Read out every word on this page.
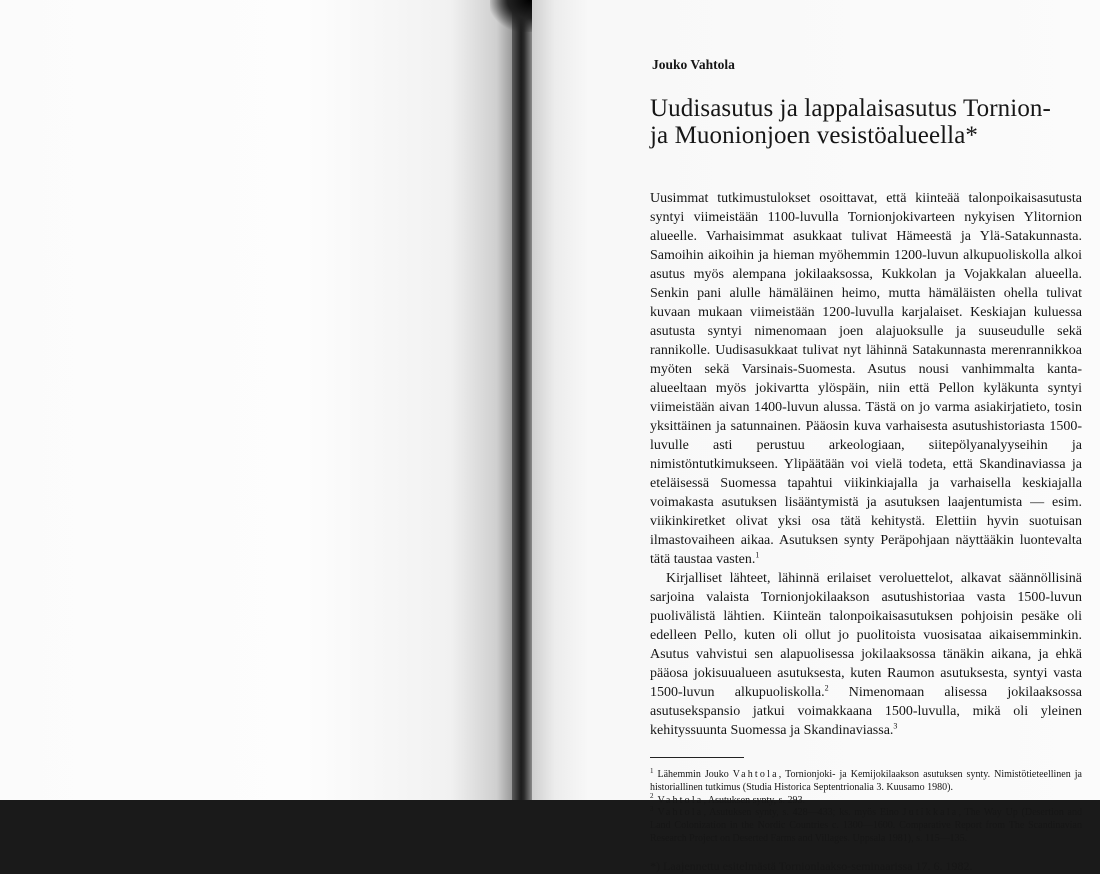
Jouko Vahtola
Uudisasutus ja lappalaisasutus Tornion-
ja Muonionjoen vesistöalueella*

Uusimmat tutkimustulokset osoittavat, että kiinteää talonpoikaisasutusta syntyi viimeistään 1100-luvulla Tornionjokivarteen nykyisen Ylitornion alueelle. Varhaisimmat asukkaat tulivat Hämeestä ja Ylä-Satakunnasta. Samoihin aikoihin ja hieman myöhemmin 1200-luvun alkupuoliskolla alkoi asutus myös alempana jokilaaksossa, Kukkolan ja Vojakkalan alueella. Senkin pani alulle hämäläinen heimo, mutta hämäläisten ohella tulivat kuvaan mukaan viimeistään 1200-luvulla karjalaiset. Keskiajan kuluessa asutusta syntyi nimenomaan joen alajuoksulle ja suuseudulle sekä rannikolle. Uudisasukkaat tulivat nyt lähinnä Satakunnasta merenrannikkoa myöten sekä Varsinais-Suomesta. Asutus nousi vanhimmalta kanta-alueeltaan myös jokivartta ylöspäin, niin että Pellon kyläkunta syntyi viimeistään aivan 1400-luvun alussa. Tästä on jo varma asiakirjatieto, tosin yksittäinen ja satunnainen. Pääosin kuva varhaisesta asutushistoriasta 1500-luvulle asti perustuu arkeologiaan, siitepölyanalyyseihin ja nimistöntutkimukseen. Ylipäätään voi vielä todeta, että Skandinaviassa ja eteläisessä Suomessa tapahtui viikinkiajalla ja varhaisella keskiajalla voimakasta asutuksen lisääntymistä ja asutuksen laajentumista — esim. viikinkiretket olivat yksi osa tätä kehitystä. Elettiin hyvin suotuisan ilmastovaiheen aikaa. Asutuksen synty Peräpohjaan näyttääkin luontevalta tätä taustaa vasten.$^1$

Kirjalliset lähteet, lähinnä erilaiset veroluettelot, alkavat säännöllisinä sarjoina valaista Tornionjokilaakson asutushistoriaa vasta 1500-luvun puolivälistä lähtien. Kiinteän talonpoikaisasutuksen pohjoisin pesäke oli edelleen Pello, kuten oli ollut jo puolitoista vuosisataa aikaisemminkin. Asutus vahvistui sen alapuolisessa jokilaaksossa tänäkin aikana, ja ehkä pääosa jokisuualueen asutuksesta, kuten Raumon asutuksesta, syntyi vasta 1500-luvun alkupuoliskolla.$^2$ Nimenomaan alisessa jokilaaksossa asutusekspansio jatkui voimakkaana 1500-luvulla, mikä oli yleinen kehityssuunta Suomessa ja Skandinaviassa.$^3$

$^1$ Lähemmin Jouko Vahtola, Tornionjoki- ja Kemijokilaakson asutuksen synty. Nimistötieteellinen ja historiallinen tutkimus (Studia Historica Septentrionalia 3. Kuusamo 1980).

$^2$ Vahtola, Asutuksen synty, s. 293.

$^3$ Vahtola, Asutuksen synty, s. 428—433; ks. myös Eino Jutikkala, The Way Up (Desertion and Land Colonization in the Nordic Countries c. 1300—1600. Comparative Report from The Scandinavian Research Project on Deserted Farms and Villages. Uppsala 1981), s. 115—135.

*) Laajennettu esitelmästä Tornionlaakso-seminaarissa 17. 6. 1982.
